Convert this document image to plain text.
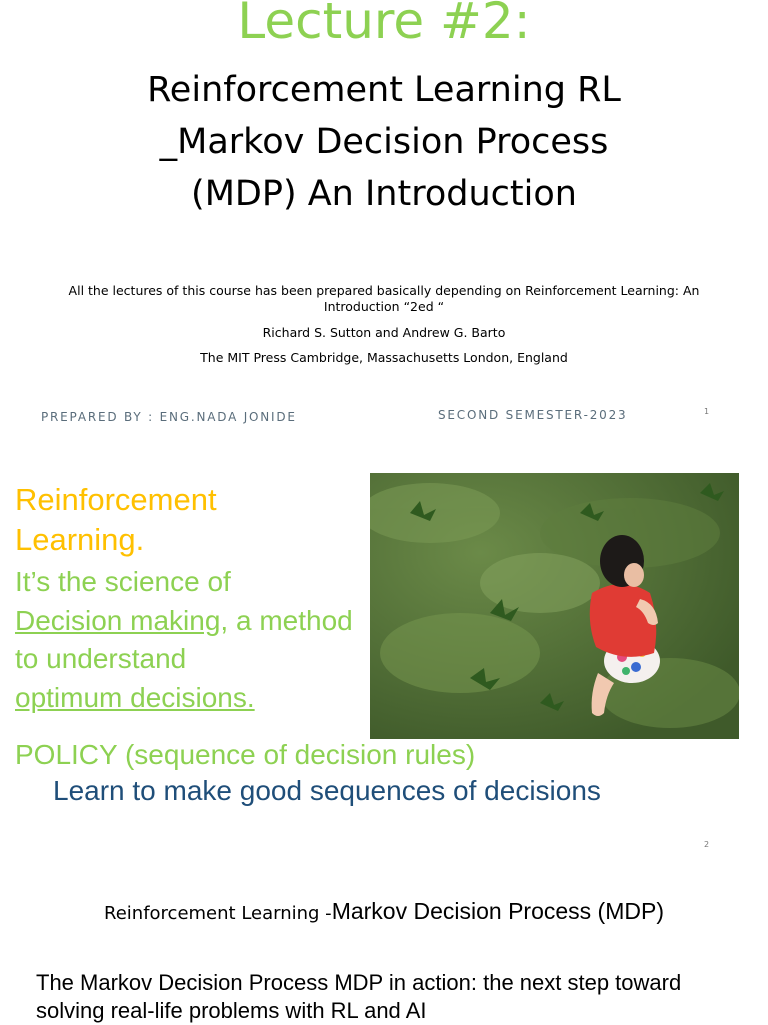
Lecture #2:
Reinforcement Learning RL
_Markov Decision Process
(MDP) An Introduction
All the lectures of this course has been prepared basically depending on Reinforcement Learning: An Introduction “2ed “
Richard S. Sutton and Andrew G. Barto
The MIT Press Cambridge, Massachusetts London, England
PREPARED BY : ENG.NADA JONIDE	SECOND SEMESTER-2023	1
Reinforcement
Learning.
It’s the science of
Decision making, a method to understand
optimum decisions.
POLICY (sequence of decision rules)
Learn to make good sequences of decisions
2
Reinforcement Learning -Markov Decision Process (MDP)
The Markov Decision Process MDP in action: the next step toward solving real-life problems with RL and AI
